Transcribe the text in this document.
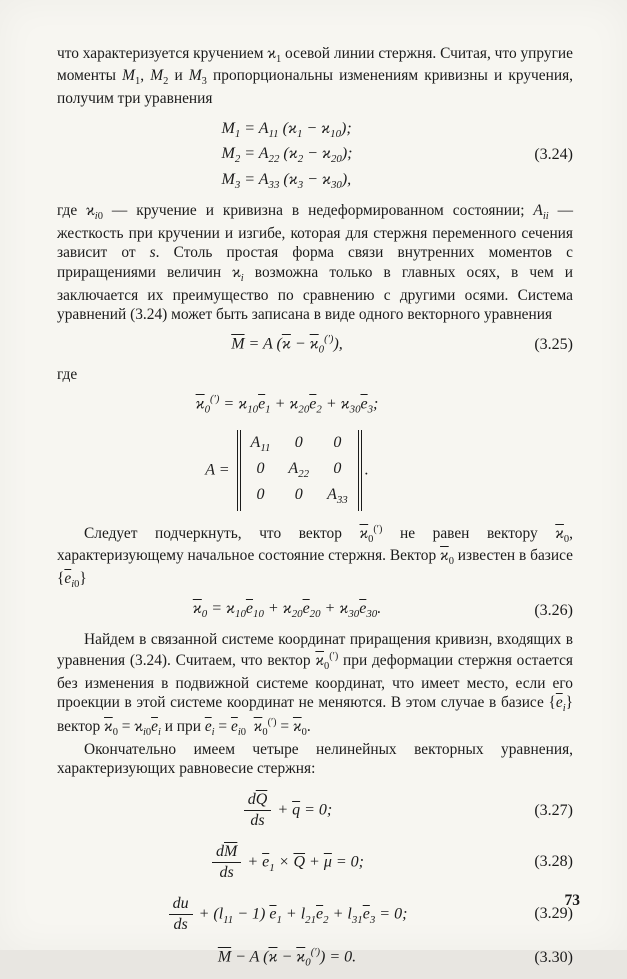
что характеризуется кручением $ϰ_1$ осевой линии стержня. Считая, что упругие моменты $M_1$, $M_2$ и $M_3$ пропорциональны изменениям кривизны и кручения, получим три уравнения

$M_1 = A_{11}$ $(ϰ_1 - ϰ_{10})$;
$M_2 = A_{22}$ $(ϰ_2 - ϰ_{20})$;
$M_3 = A_{33}$ $(ϰ_3 - ϰ_{30})$,
(3.24)

где $ϰ_{i0}$ — кручение и кривизна в недеформированном состоянии; $A_{ii}$ — жесткость при кручении и изгибе, которая для стержня переменного сечения зависит от s. Столь простая форма связи внутренних моментов с приращениями величин $ϰ_i$ возможна только в главных осях, в чем и заключается их преимущество по сравнению с другими осями. Система уравнений (3.24) может быть записана в виде одного векторного уравнения

$\overline{M} = A$ $(\overline{ϰ} - \overline{ϰ}_0^{(')})$,	(3.25)

где

$\overline{ϰ}_0^{(')} = ϰ_{10}\overline{e}_1 + ϰ_{20}\overline{e}_2 + ϰ_{30}\overline{e}_3$;
A =
$A_{11}$	0	0
0	$A_{22}$	0
0	0	$A_{33}$
.

Следует подчеркнуть, что вектор $\overline{ϰ}_0^{(')}$ не равен вектору $\overline{ϰ}_0$, характеризующему начальное состояние стержня. Вектор $\overline{ϰ}_0$ известен в базисе $\{\overline{e}_{i0}\}$

$\overline{ϰ}_0 = ϰ_{10}\overline{e}_{10} + ϰ_{20}\overline{e}_{20} + ϰ_{30}\overline{e}_{30}$.	(3.26)

Найдем в связанной системе координат приращения кривизн, входящих в уравнения (3.24). Считаем, что вектор $\overline{ϰ}_0^{(')}$ при деформации стержня остается без изменения в подвижной системе координат, что имеет место, если его проекции в этой системе координат не меняются. В этом случае в базисе $\{\overline{e}_i\}$ вектор $\overline{ϰ}_0 = ϰ_{i0}\overline{e}_i$ и при $\overline{e}_i = \overline{e}_{i0}$ $\overline{ϰ}_0^{(')} = \overline{ϰ}_0$.

Окончательно имеем четыре нелинейных векторных уравнения, характеризующих равновесие стержня:

$\frac{d\overline{Q}}{ds} + \overline{q} = 0$;	(3.27)
$\frac{d\overline{M}}{ds} + \overline{e}_1 \times \overline{Q} + \overline{\mu} = 0$;	(3.28)
$\frac{du}{ds} + (l_{11} - 1) \overline{e}_1 + l_{21}\overline{e}_2 + l_{31}\overline{e}_3 = 0$;	(3.29)
$\overline{M} - A$ $(\overline{ϰ} - \overline{ϰ}_0^{(')}) = 0$.	(3.30)
73
